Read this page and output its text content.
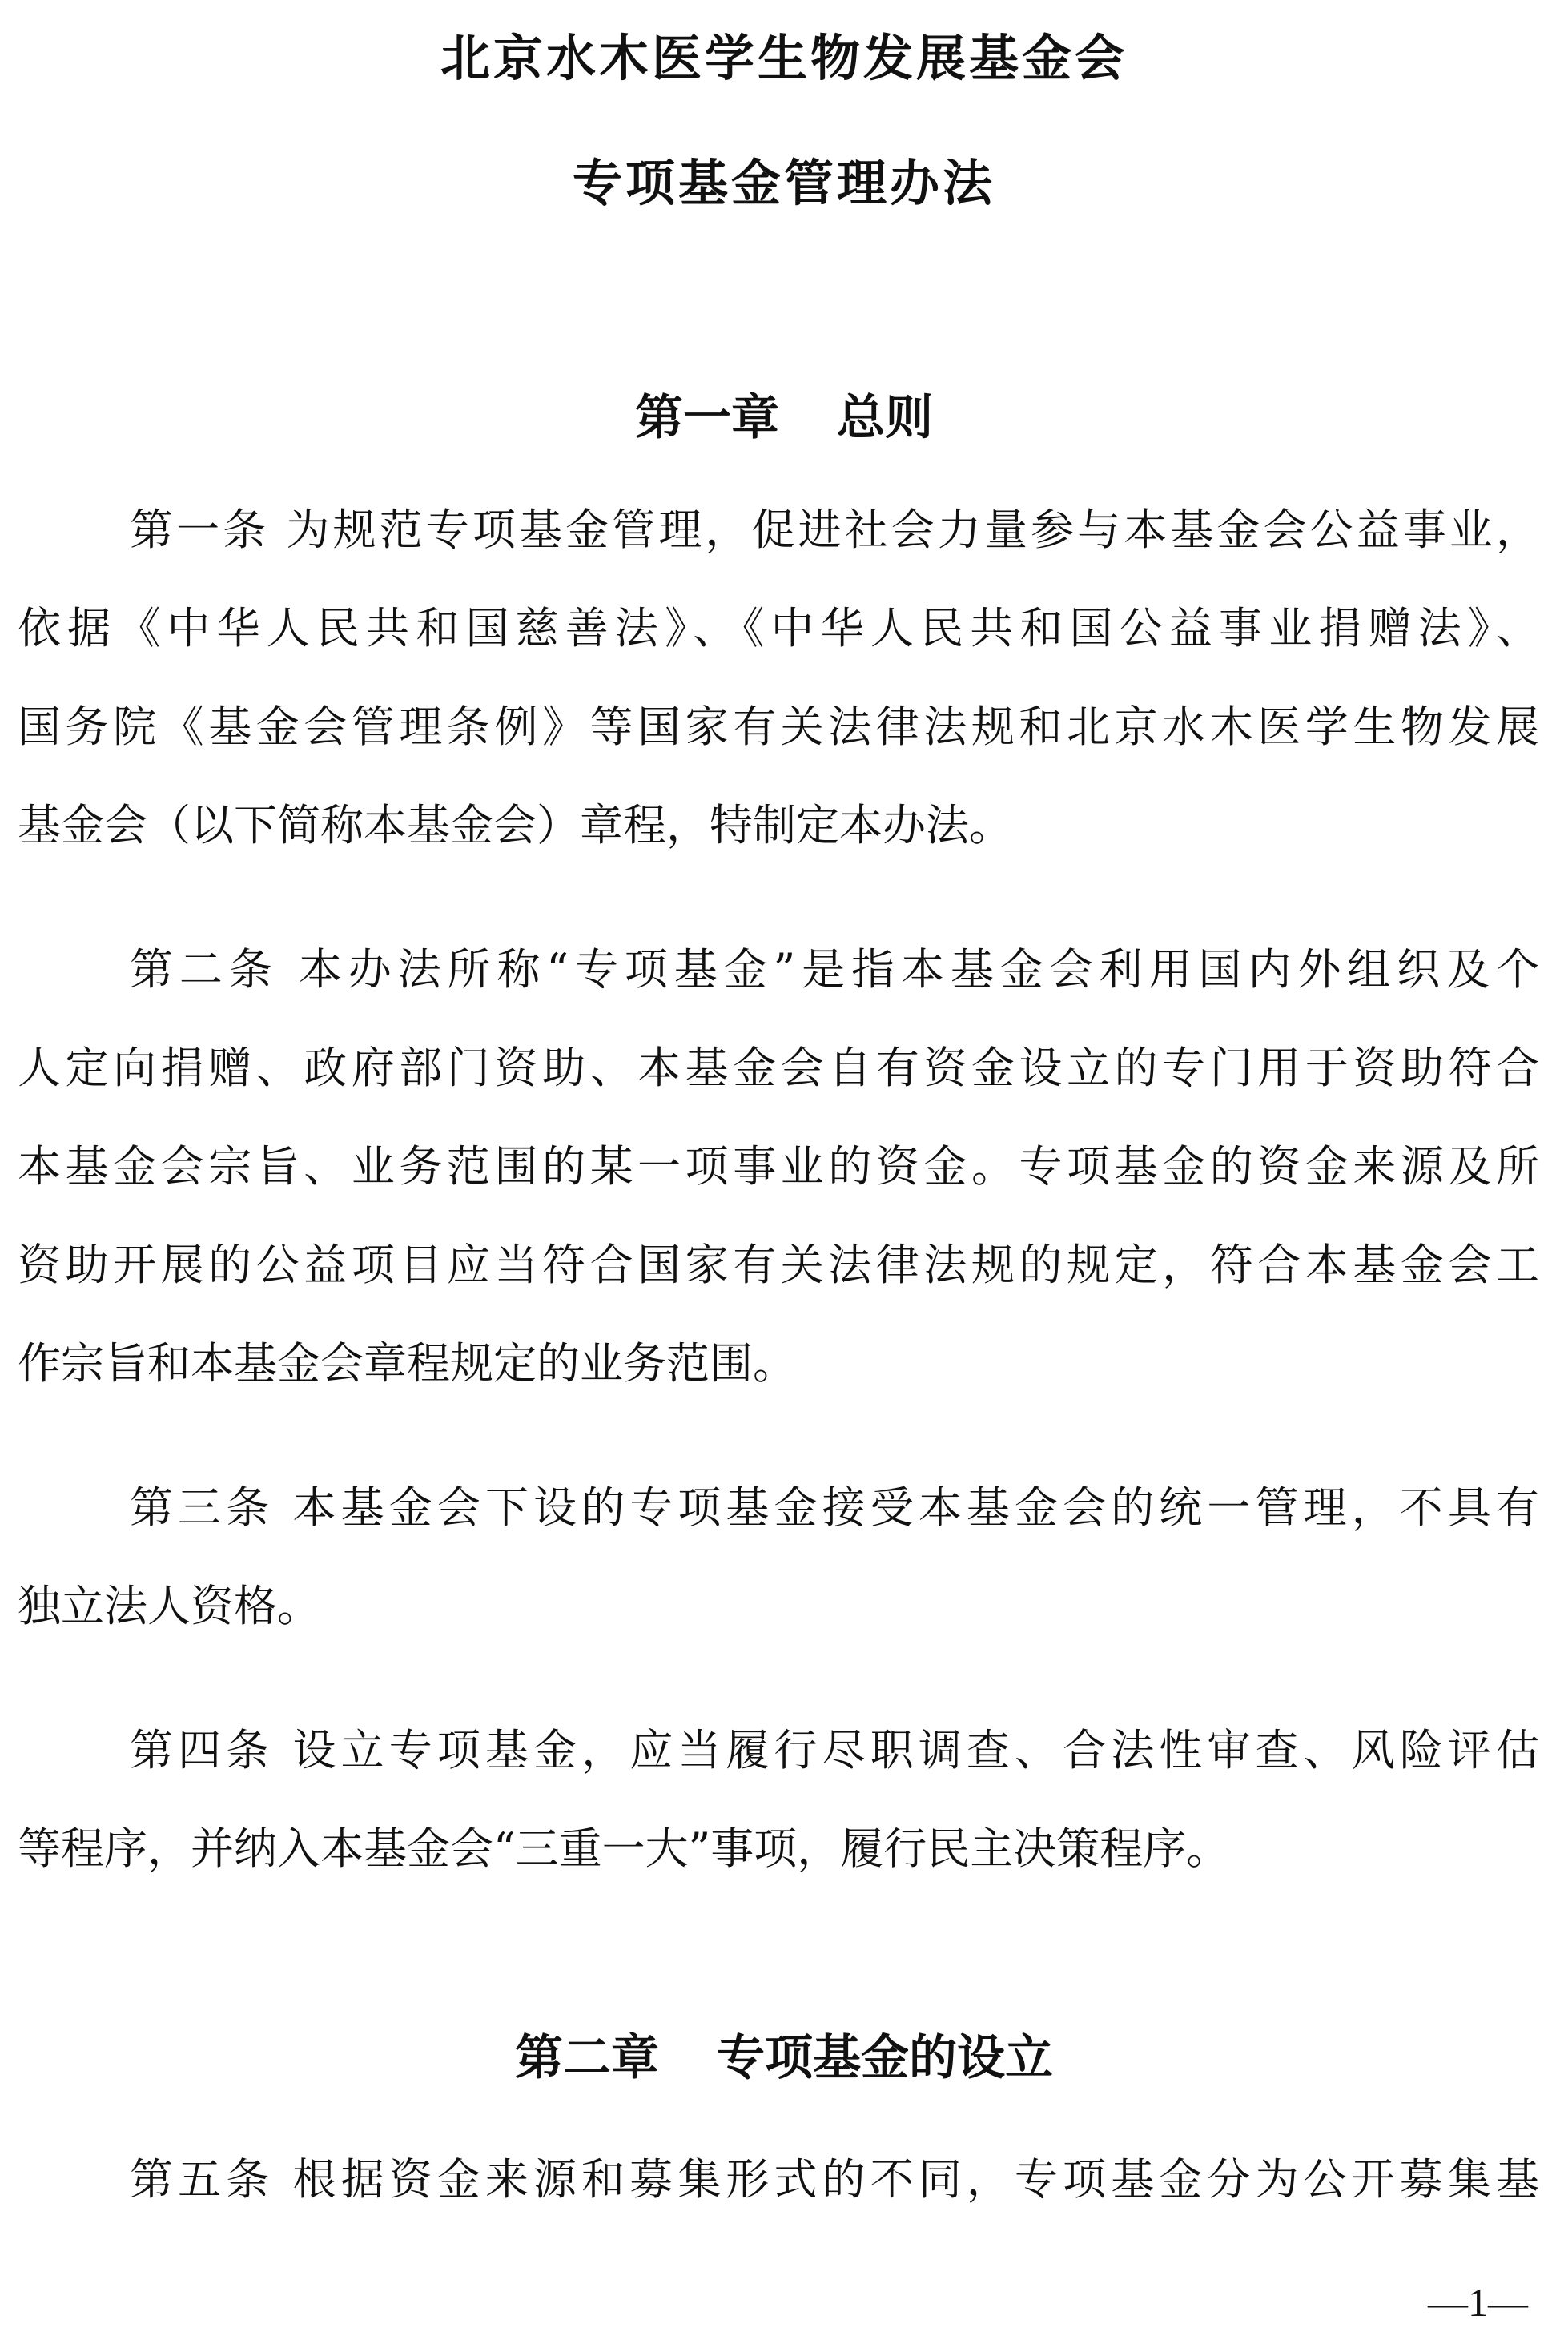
北京水木医学生物发展基金会
专项基金管理办法
第一章 总则
第一条 为规范专项基金管理，促进社会力量参与本基金会公益事业，
依据《中华人民共和国慈善法》、《中华人民共和国公益事业捐赠法》、
国务院《基金会管理条例》等国家有关法律法规和北京水木医学生物发展
基金会（以下简称本基金会）章程，特制定本办法。
第二条 本办法所称“专项基金”是指本基金会利用国内外组织及个
人定向捐赠、政府部门资助、本基金会自有资金设立的专门用于资助符合
本基金会宗旨、业务范围的某一项事业的资金。专项基金的资金来源及所
资助开展的公益项目应当符合国家有关法律法规的规定，符合本基金会工
作宗旨和本基金会章程规定的业务范围。
第三条 本基金会下设的专项基金接受本基金会的统一管理，不具有
独立法人资格。
第四条 设立专项基金，应当履行尽职调查、合法性审查、风险评估
等程序，并纳入本基金会“三重一大”事项，履行民主决策程序。
第二章 专项基金的设立
第五条 根据资金来源和募集形式的不同，专项基金分为公开募集基
—1—
